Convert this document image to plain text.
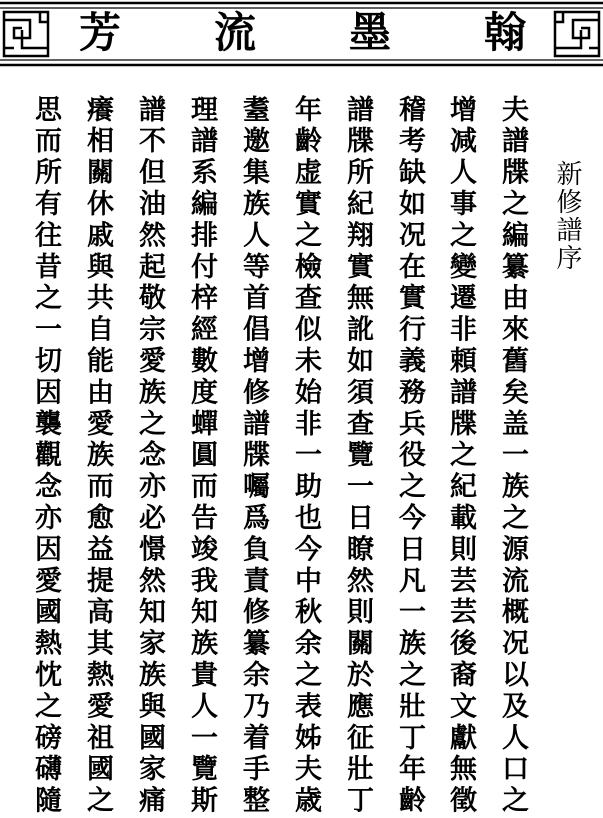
芳 流 墨 翰
新修譜序
夫譜牒之編纂由來舊矣盖一族之源流概况以及人口之
增减人事之變遷非頼譜牒之紀載則芸芸後裔文獻無徵
稽考缺如况在實行義務兵役之今日凡一族之壯丁年齡
譜牒所紀翔實無訛如須查覽一日瞭然則關於應征壯丁
年齡虚實之檢查似未始非一助也今中秋余之表姊夫歳
耋邀集族人等首倡增修譜牒囑爲負責修纂余乃着手整
理譜系編排付梓經數度蟬圓而告竣我知族貴人一覽斯
譜不但油然起敬宗愛族之念亦必憬然知家族與國家痛
癢相關休戚與共自能由愛族而愈益提高其熱愛祖國之
思而所有往昔之一切因襲觀念亦因愛國熱忱之磅礴隨
